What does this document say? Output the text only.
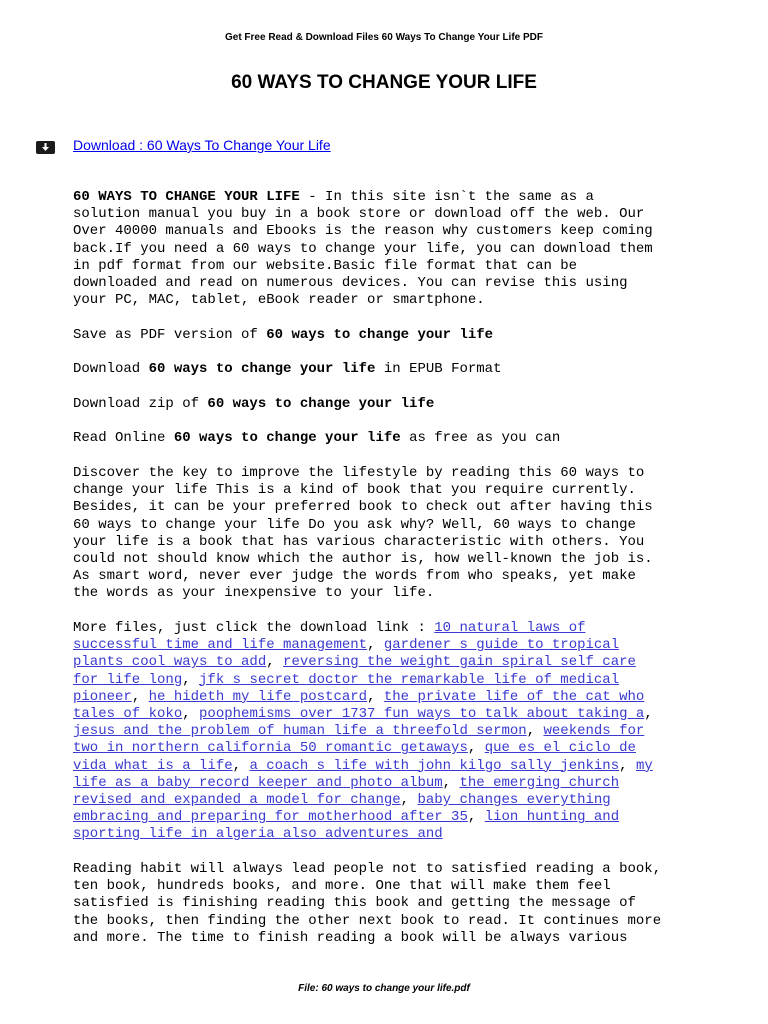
Get Free Read & Download Files 60 Ways To Change Your Life PDF
60 WAYS TO CHANGE YOUR LIFE
Download : 60 Ways To Change Your Life
60 WAYS TO CHANGE YOUR LIFE - In this site isn`t the same as a
solution manual you buy in a book store or download off the web. Our
Over 40000 manuals and Ebooks is the reason why customers keep coming
back.If you need a 60 ways to change your life, you can download them
in pdf format from our website.Basic file format that can be
downloaded and read on numerous devices. You can revise this using
your PC, MAC, tablet, eBook reader or smartphone.
Save as PDF version of 60 ways to change your life
Download 60 ways to change your life in EPUB Format
Download zip of 60 ways to change your life
Read Online 60 ways to change your life as free as you can
Discover the key to improve the lifestyle by reading this 60 ways to
change your life This is a kind of book that you require currently.
Besides, it can be your preferred book to check out after having this
60 ways to change your life Do you ask why? Well, 60 ways to change
your life is a book that has various characteristic with others. You
could not should know which the author is, how well-known the job is.
As smart word, never ever judge the words from who speaks, yet make
the words as your inexpensive to your life.
More files, just click the download link : 10 natural laws of
successful time and life management, gardener s guide to tropical
plants cool ways to add, reversing the weight gain spiral self care
for life long, jfk s secret doctor the remarkable life of medical
pioneer, he hideth my life postcard, the private life of the cat who
tales of koko, poophemisms over 1737 fun ways to talk about taking a,
jesus and the problem of human life a threefold sermon, weekends for
two in northern california 50 romantic getaways, que es el ciclo de
vida what is a life, a coach s life with john kilgo sally jenkins, my
life as a baby record keeper and photo album, the emerging church
revised and expanded a model for change, baby changes everything
embracing and preparing for motherhood after 35, lion hunting and
sporting life in algeria also adventures and
Reading habit will always lead people not to satisfied reading a book,
ten book, hundreds books, and more. One that will make them feel
satisfied is finishing reading this book and getting the message of
the books, then finding the other next book to read. It continues more
and more. The time to finish reading a book will be always various
File: 60 ways to change your life.pdf
